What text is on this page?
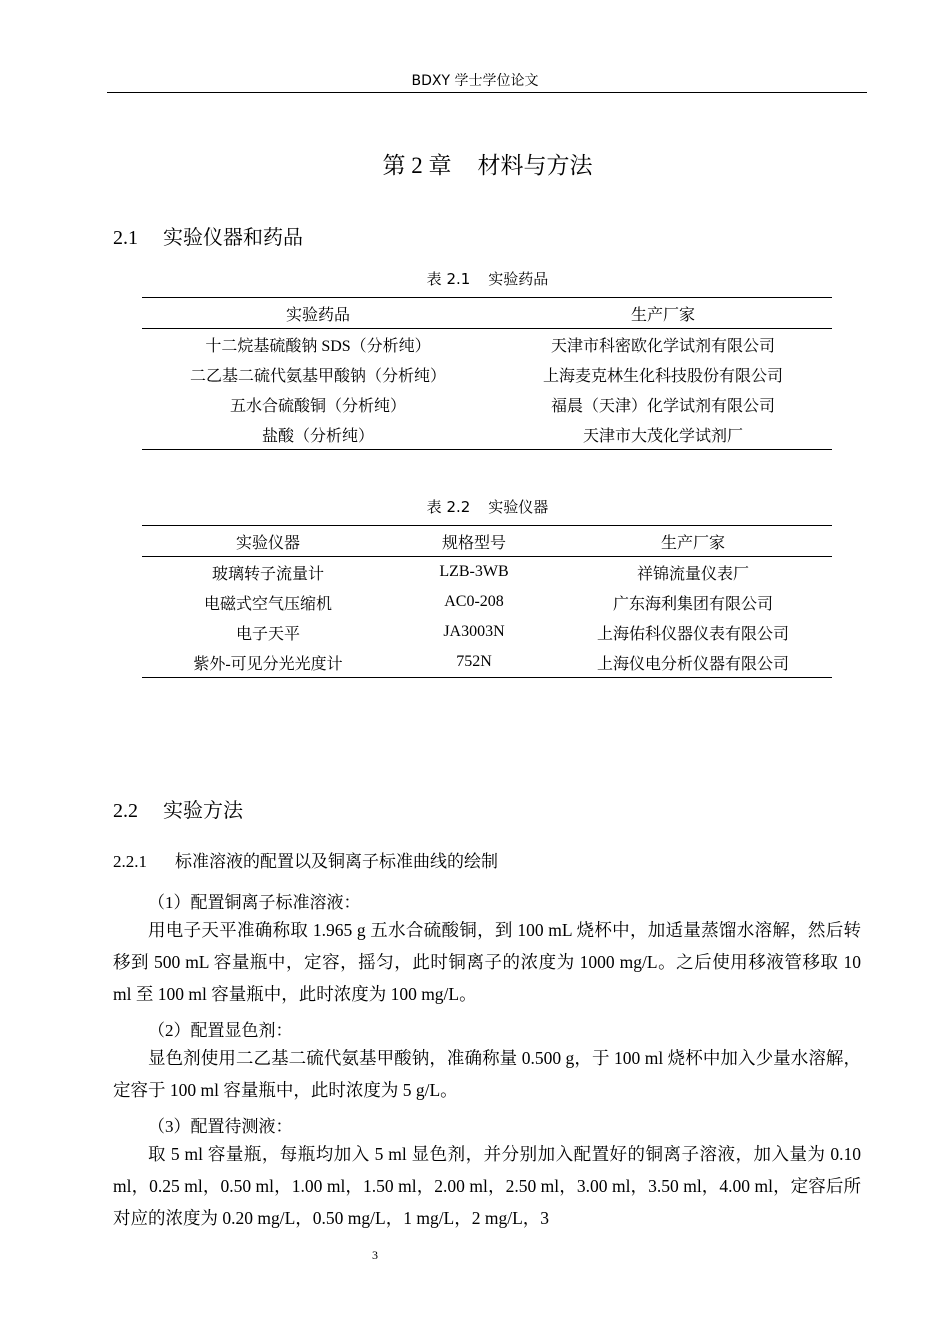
BDXY 学士学位论文
第 2 章 材料与方法
2.1 实验仪器和药品
表 2.1 实验药品
实验药品	生产厂家
十二烷基硫酸钠 SDS（分析纯）	天津市科密欧化学试剂有限公司
二乙基二硫代氨基甲酸钠（分析纯）	上海麦克林生化科技股份有限公司
五水合硫酸铜（分析纯）	福晨（天津）化学试剂有限公司
盐酸（分析纯）	天津市大茂化学试剂厂
表 2.2 实验仪器
实验仪器	规格型号	生产厂家
玻璃转子流量计	LZB-3WB	祥锦流量仪表厂
电磁式空气压缩机	AC0-208	广东海利集团有限公司
电子天平	JA3003N	上海佑科仪器仪表有限公司
紫外-可见分光光度计	752N	上海仪电分析仪器有限公司
2.2 实验方法
2.2.1 标准溶液的配置以及铜离子标准曲线的绘制
（1）配置铜离子标准溶液：

用电子天平准确称取 1.965 g 五水合硫酸铜，到 100 mL 烧杯中，加适量蒸馏水溶解，然后转移到 500 mL 容量瓶中，定容，摇匀，此时铜离子的浓度为 1000 mg/L。之后使用移液管移取 10 ml 至 100 ml 容量瓶中，此时浓度为 100 mg/L。

（2）配置显色剂：

显色剂使用二乙基二硫代氨基甲酸钠，准确称量 0.500 g，于 100 ml 烧杯中加入少量水溶解，定容于 100 ml 容量瓶中，此时浓度为 5 g/L。

（3）配置待测液：

取 5 ml 容量瓶，每瓶均加入 5 ml 显色剂，并分别加入配置好的铜离子溶液，加入量为 0.10 ml，0.25 ml，0.50 ml，1.00 ml，1.50 ml，2.00 ml，2.50 ml，3.00 ml，3.50 ml，4.00 ml，定容后所对应的浓度为 0.20 mg/L，0.50 mg/L，1 mg/L，2 mg/L，3

3
